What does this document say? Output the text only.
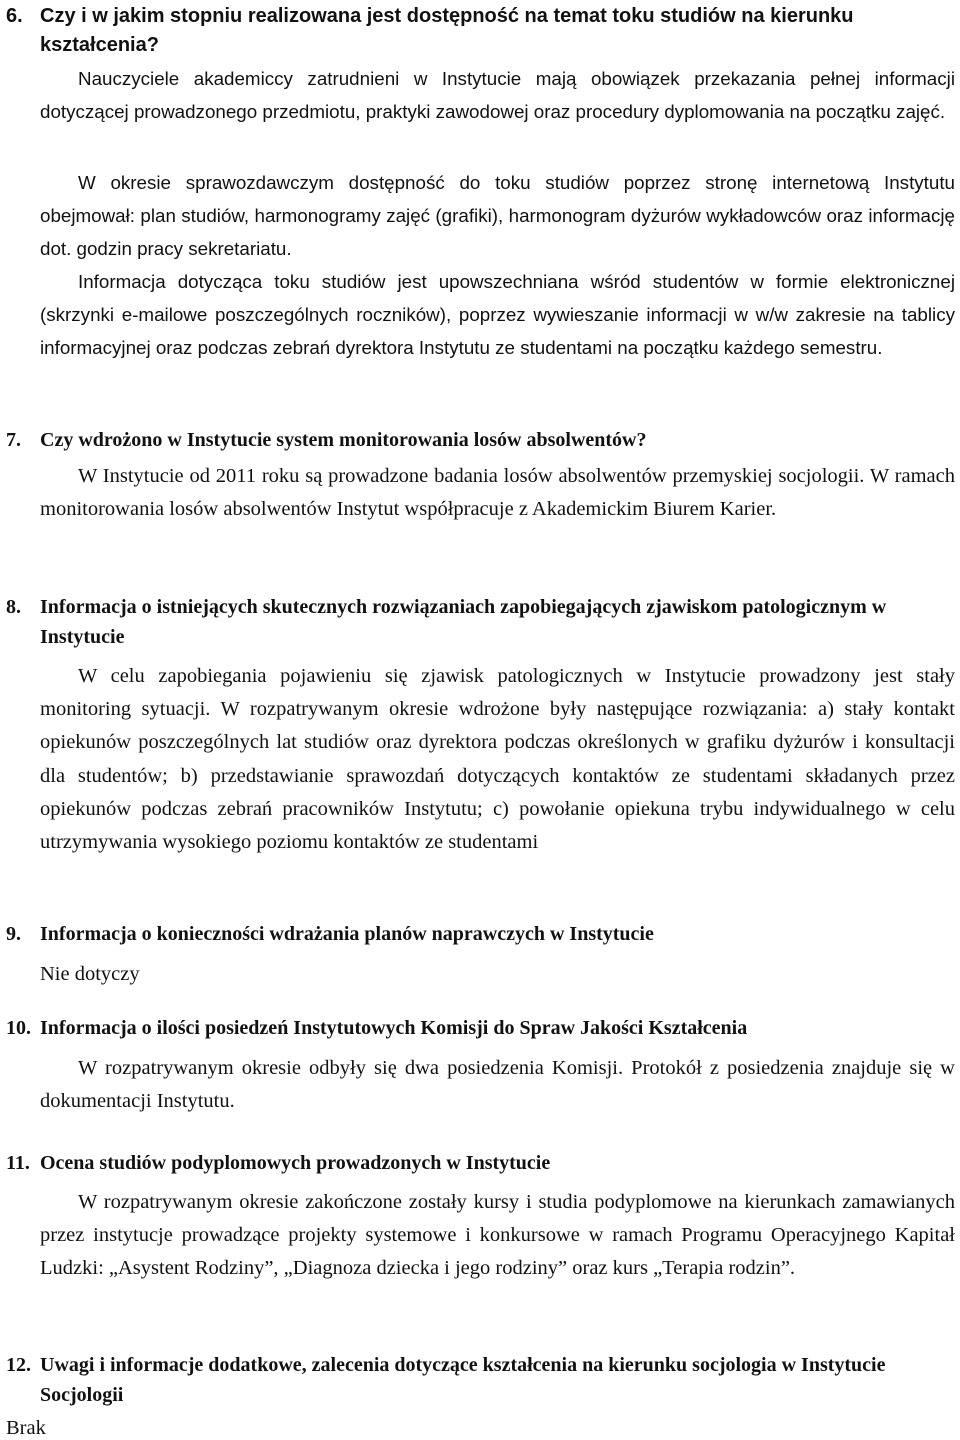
6. Czy i w jakim stopniu realizowana jest dostępność na temat toku studiów na kierunku kształcenia?
Nauczyciele akademiccy zatrudnieni w Instytucie mają obowiązek przekazania pełnej informacji dotyczącej prowadzonego przedmiotu, praktyki zawodowej oraz procedury dyplomowania na początku zajęć.
W okresie sprawozdawczym dostępność do toku studiów poprzez stronę internetową Instytutu obejmował: plan studiów, harmonogramy zajęć (grafiki), harmonogram dyżurów wykładowców oraz informację dot. godzin pracy sekretariatu.
Informacja dotycząca toku studiów jest upowszechniana wśród studentów w formie elektronicznej (skrzynki e-mailowe poszczególnych roczników), poprzez wywieszanie informacji w w/w zakresie na tablicy informacyjnej oraz podczas zebrań dyrektora Instytutu ze studentami na początku każdego semestru.
7. Czy wdrożono w Instytucie system monitorowania losów absolwentów?
W Instytucie od 2011 roku są prowadzone badania losów absolwentów przemyskiej socjologii. W ramach monitorowania losów absolwentów Instytut współpracuje z Akademickim Biurem Karier.
8. Informacja o istniejących skutecznych rozwiązaniach zapobiegających zjawiskom patologicznym w Instytucie
W celu zapobiegania pojawieniu się zjawisk patologicznych w Instytucie prowadzony jest stały monitoring sytuacji. W rozpatrywanym okresie wdrożone były następujące rozwiązania: a) stały kontakt opiekunów poszczególnych lat studiów oraz dyrektora podczas określonych w grafiku dyżurów i konsultacji dla studentów; b) przedstawianie sprawozdań dotyczących kontaktów ze studentami składanych przez opiekunów podczas zebrań pracowników Instytutu; c) powołanie opiekuna trybu indywidualnego w celu utrzymywania wysokiego poziomu kontaktów ze studentami
9. Informacja o konieczności wdrażania planów naprawczych w Instytucie
Nie dotyczy
10. Informacja o ilości posiedzeń Instytutowych Komisji do Spraw Jakości Kształcenia
W rozpatrywanym okresie odbyły się dwa posiedzenia Komisji. Protokół z posiedzenia znajduje się w dokumentacji Instytutu.
11. Ocena studiów podyplomowych prowadzonych w Instytucie
W rozpatrywanym okresie zakończone zostały kursy i studia podyplomowe na kierunkach zamawianych przez instytucje prowadzące projekty systemowe i konkursowe w ramach Programu Operacyjnego Kapitał Ludzki: „Asystent Rodziny”, „Diagnoza dziecka i jego rodziny” oraz kurs „Terapia rodzin”.
12. Uwagi i informacje dodatkowe, zalecenia dotyczące kształcenia na kierunku socjologia w Instytucie Socjologii
Brak
